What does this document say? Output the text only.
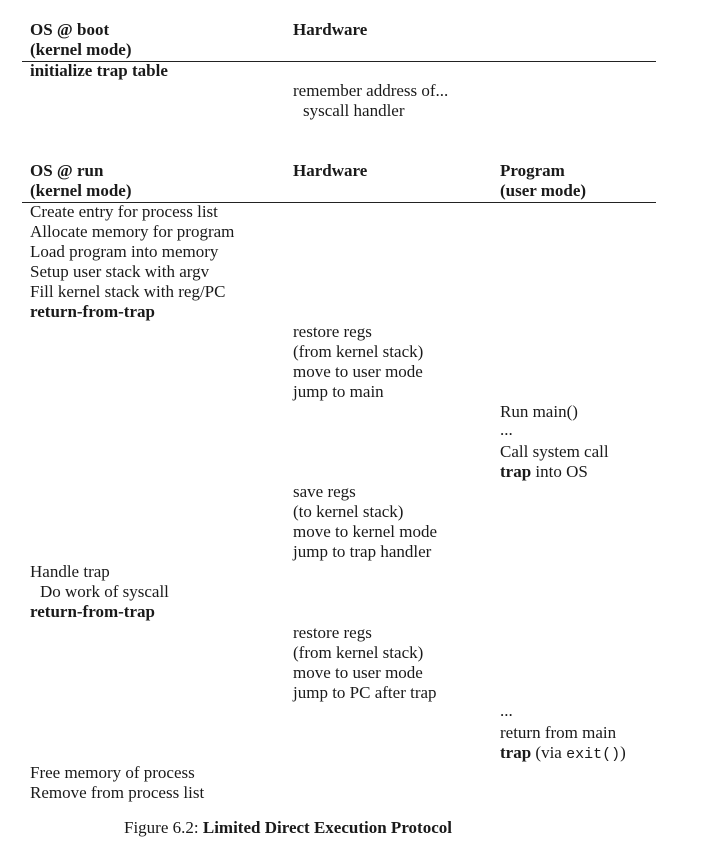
OS @ boot
(kernel mode)
Hardware
initialize trap table
remember address of...
syscall handler
OS @ run
(kernel mode)
Hardware	Program
(user mode)
Create entry for process list
Allocate memory for program
Load program into memory
Setup user stack with argv
Fill kernel stack with reg/PC
return-from-trap
restore regs
(from kernel stack)
move to user mode
jump to main
Run main()
...
Call system call
trap into OS
save regs
(to kernel stack)
move to kernel mode
jump to trap handler
Handle trap
Do work of syscall
return-from-trap
restore regs
(from kernel stack)
move to user mode
jump to PC after trap
...
return from main
trap (via exit())
Free memory of process
Remove from process list
Figure 6.2: Limited Direct Execution Protocol
